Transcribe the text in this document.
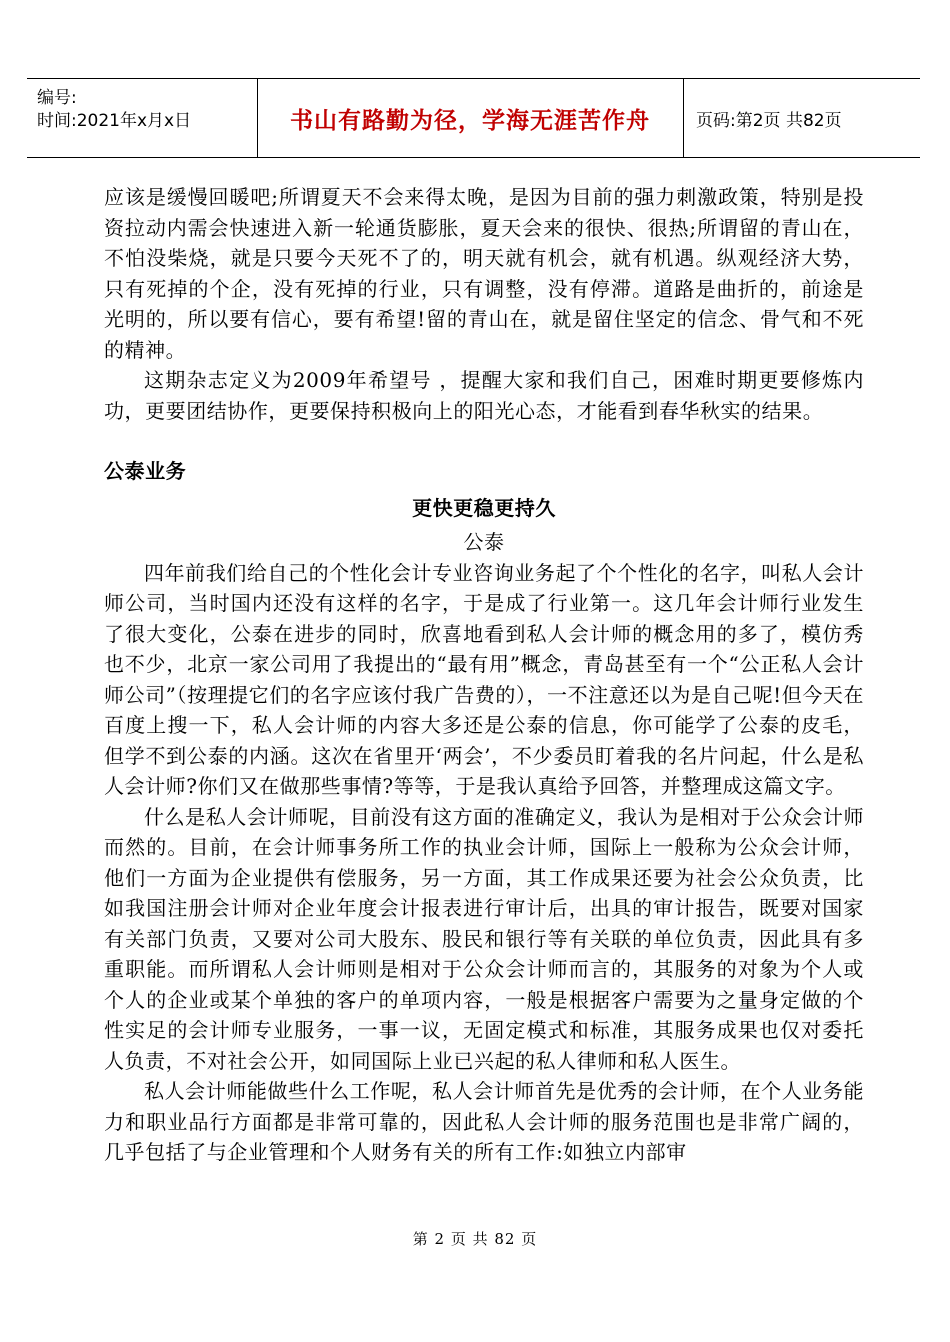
编号:
时间:2021年x月x日	书山有路勤为径，学海无涯苦作舟	页码:第2页 共82页

应该是缓慢回暖吧;所谓夏天不会来得太晚，是因为目前的强力刺激政策，特别是投资拉动内需会快速进入新一轮通货膨胀，夏天会来的很快、很热;所谓留的青山在，不怕没柴烧，就是只要今天死不了的，明天就有机会，就有机遇。纵观经济大势，只有死掉的个企，没有死掉的行业，只有调整，没有停滞。道路是曲折的，前途是光明的，所以要有信心，要有希望!留的青山在，就是留住坚定的信念、骨气和不死的精神。

这期杂志定义为2009年希望号 ，提醒大家和我们自己，困难时期更要修炼内功，更要团结协作，更要保持积极向上的阳光心态，才能看到春华秋实的结果。

公泰业务

更快更稳更持久

公泰

四年前我们给自己的个性化会计专业咨询业务起了个个性化的名字，叫私人会计师公司，当时国内还没有这样的名字，于是成了行业第一。这几年会计师行业发生了很大变化，公泰在进步的同时，欣喜地看到私人会计师的概念用的多了，模仿秀也不少，北京一家公司用了我提出的“最有用”概念，青岛甚至有一个“公正私人会计师公司”（按理提它们的名字应该付我广告费的），一不注意还以为是自己呢!但今天在百度上搜一下，私人会计师的内容大多还是公泰的信息，你可能学了公泰的皮毛，但学不到公泰的内涵。这次在省里开‘两会’，不少委员盯着我的名片问起，什么是私人会计师?你们又在做那些事情?等等，于是我认真给予回答，并整理成这篇文字。

什么是私人会计师呢，目前没有这方面的准确定义，我认为是相对于公众会计师而然的。目前，在会计师事务所工作的执业会计师，国际上一般称为公众会计师，他们一方面为企业提供有偿服务，另一方面，其工作成果还要为社会公众负责，比如我国注册会计师对企业年度会计报表进行审计后，出具的审计报告，既要对国家有关部门负责，又要对公司大股东、股民和银行等有关联的单位负责，因此具有多重职能。而所谓私人会计师则是相对于公众会计师而言的，其服务的对象为个人或个人的企业或某个单独的客户的单项内容，一般是根据客户需要为之量身定做的个性实足的会计师专业服务，一事一议，无固定模式和标准，其服务成果也仅对委托人负责，不对社会公开，如同国际上业已兴起的私人律师和私人医生。

私人会计师能做些什么工作呢，私人会计师首先是优秀的会计师，在个人业务能力和职业品行方面都是非常可靠的，因此私人会计师的服务范围也是非常广阔的，几乎包括了与企业管理和个人财务有关的所有工作:如独立内部审

第 2 页 共 82 页
